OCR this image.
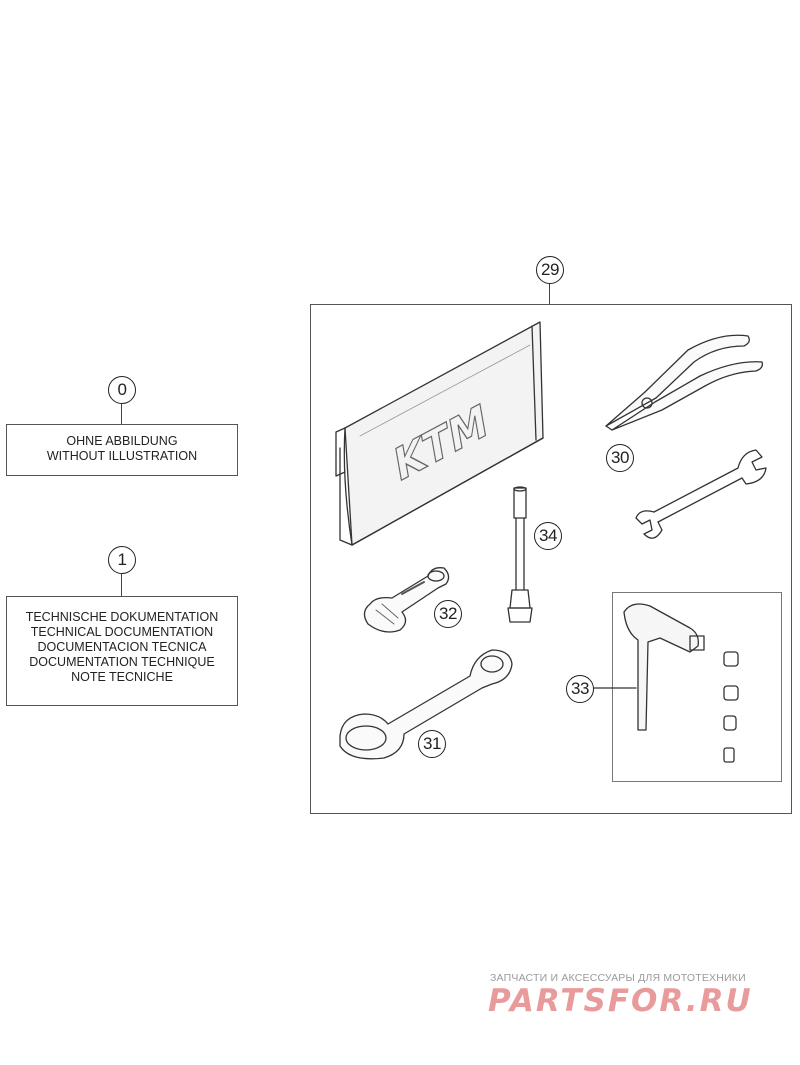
0
OHNE ABBILDUNG
WITHOUT ILLUSTRATION
1
TECHNISCHE DOKUMENTATION
TECHNICAL DOCUMENTATION
DOCUMENTACION TECNICA
DOCUMENTATION TECHNIQUE
NOTE TECNICHE
29
KTM	30
34
32
33
31
ЗАПЧАСТИ И АКСЕССУАРЫ ДЛЯ МОТОТЕХНИКИ
PARTSFOR.RU
